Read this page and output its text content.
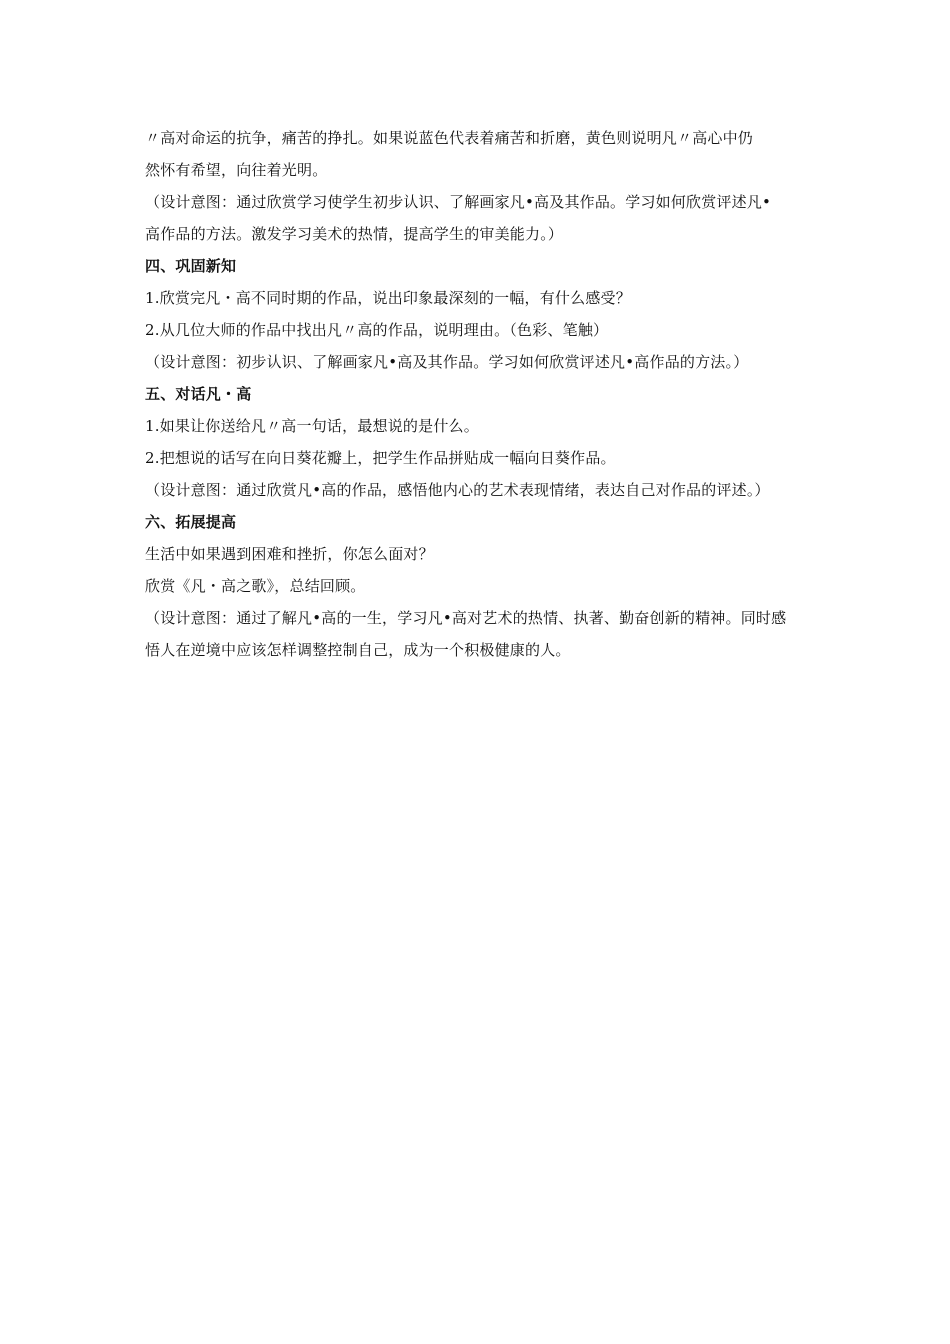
〃高对命运的抗争，痛苦的挣扎。如果说蓝色代表着痛苦和折磨，黄色则说明凡〃高心中仍
然怀有希望，向往着光明。
（设计意图：通过欣赏学习使学生初步认识、了解画家凡•高及其作品。学习如何欣赏评述凡•
高作品的方法。激发学习美术的热情，提高学生的审美能力。）
四、巩固新知
1.欣赏完凡・高不同时期的作品，说出印象最深刻的一幅，有什么感受？
2.从几位大师的作品中找出凡〃高的作品，说明理由。（色彩、笔触）
（设计意图：初步认识、了解画家凡•高及其作品。学习如何欣赏评述凡•高作品的方法。）
五、对话凡・高
1.如果让你送给凡〃高一句话，最想说的是什么。
2.把想说的话写在向日葵花瓣上，把学生作品拼贴成一幅向日葵作品。
（设计意图：通过欣赏凡•高的作品，感悟他内心的艺术表现情绪，表达自己对作品的评述。）
六、拓展提高
生活中如果遇到困难和挫折，你怎么面对？
欣赏《凡・高之歌》，总结回顾。
（设计意图：通过了解凡•高的一生，学习凡•高对艺术的热情、执著、勤奋创新的精神。同时感
悟人在逆境中应该怎样调整控制自己，成为一个积极健康的人。
